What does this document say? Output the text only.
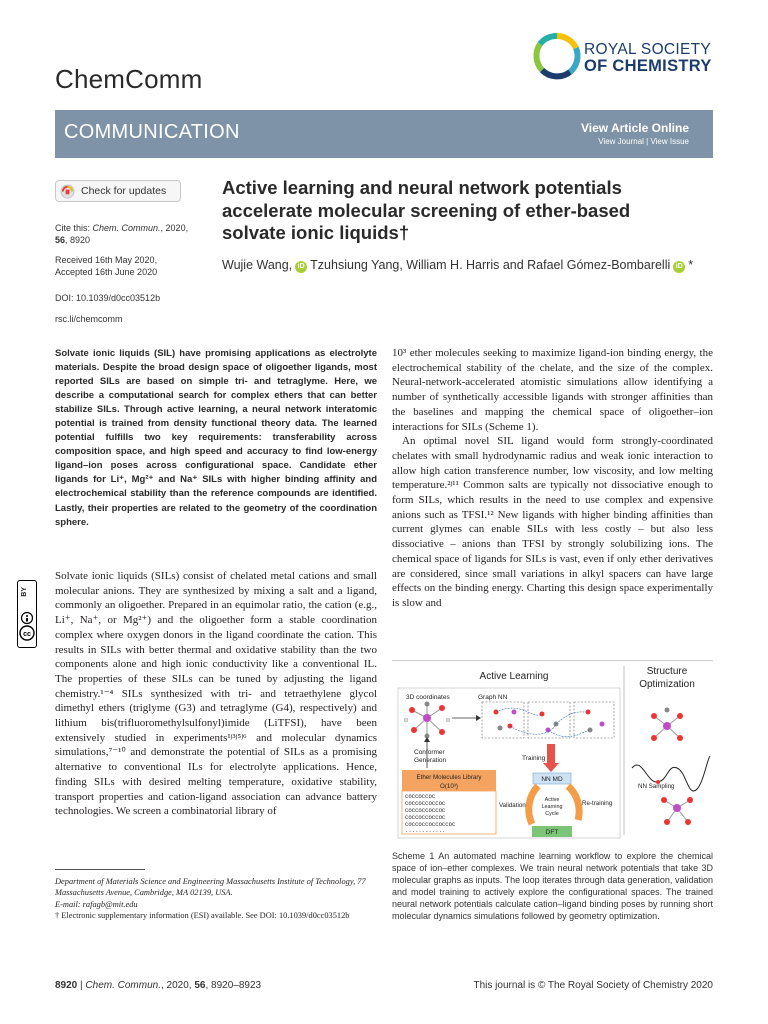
ChemComm
ROYAL SOCIETY
OF CHEMISTRY
COMMUNICATION	View Article Online
View Journal | View Issue
Check for updates
Cite this: Chem. Commun., 2020,
56, 8920
Received 16th May 2020,
Accepted 16th June 2020
DOI: 10.1039/d0cc03512b
rsc.li/chemcomm
Active learning and neural network potentials accelerate molecular screening of ether-based solvate ionic liquids†
Wujie Wang, iD Tzuhsiung Yang, William H. Harris and Rafael Gómez-Bombarelli iD *
Solvate ionic liquids (SIL) have promising applications as electrolyte materials. Despite the broad design space of oligoether ligands, most reported SILs are based on simple tri- and tetraglyme. Here, we describe a computational search for complex ethers that can better stabilize SILs. Through active learning, a neural network interatomic potential is trained from density functional theory data. The learned potential fulfills two key requirements: transferability across composition space, and high speed and accuracy to find low-energy ligand–ion poses across configurational space. Candidate ether ligands for Li⁺, Mg²⁺ and Na⁺ SILs with higher binding affinity and electrochemical stability than the reference compounds are identified. Lastly, their properties are related to the geometry of the coordination sphere.
cc
BY

Solvate ionic liquids (SILs) consist of chelated metal cations and small molecular anions. They are synthesized by mixing a salt and a ligand, commonly an oligoether. Prepared in an equimolar ratio, the cation (e.g., Li⁺, Na⁺, or Mg²⁺) and the oligoether form a stable coordination complex where oxygen donors in the ligand coordinate the cation. This results in SILs with better thermal and oxidative stability than the two components alone and high ionic conductivity like a conventional IL. The properties of these SILs can be tuned by adjusting the ligand chemistry.¹⁻⁴ SILs synthesized with tri- and tetraethylene glycol dimethyl ethers (triglyme (G3) and tetraglyme (G4), respectively) and lithium bis(trifluoromethylsulfonyl)imide (LiTFSI), have been extensively studied in experiments¹ʲ³ʲ⁵ʲ⁶ and molecular dynamics simulations,⁷⁻¹⁰ and demonstrate the potential of SILs as a promising alternative to conventional ILs for electrolyte applications. Hence, finding SILs with desired melting temperature, oxidative stability, transport properties and cation-ligand association can advance battery technologies. We screen a combinatorial library of

10³ ether molecules seeking to maximize ligand-ion binding energy, the electrochemical stability of the chelate, and the size of the complex. Neural-network-accelerated atomistic simulations allow identifying a number of synthetically accessible ligands with stronger affinities than the baselines and mapping the chemical space of oligoether–ion interactions for SILs (Scheme 1).

An optimal novel SIL ligand would form strongly-coordinated chelates with small hydrodynamic radius and weak ionic interaction to allow high cation transference number, low viscosity, and low melting temperature.²ʲ¹¹ Common salts are typically not dissociative enough to form SILs, which results in the need to use complex and expensive anions such as TFSI.¹² New ligands with higher binding affinities than current glymes can enable SILs with less costly – but also less dissociative – anions than TFSI by strongly solubilizing ions. The chemical space of ligands for SILs is vast, even if only ether derivatives are considered, since small variations in alkyl spacers can have large effects on the binding energy. Charting this design space experimentally is slow and

Department of Materials Science and Engineering Massachusetts Institute of Technology, 77 Massachusetts Avenue, Cambridge, MA 02139, USA.
E-mail: rafagb@mit.edu
† Electronic supplementary information (ESI) available. See DOI: 10.1039/d0cc03512b
Active Learning	Structure
Optimization
3D coordinates	Graph NN
Conformer
Generation
Ether Molecules Library
O(10³)
COCCOCCOC
COCCOCCOCCOC
COCCOCCOCCOC
COCCOCCOCCOC
COCCOCCOCCOCCOC
............
Training
NN MD
Validation
Active
Learning
Cycle
Re-training
DFT
NN Sampling
Scheme 1 An automated machine learning workflow to explore the chemical space of ion–ether complexes. We train neural network potentials that take 3D molecular graphs as inputs. The loop iterates through data generation, validation and model training to actively explore the configurational spaces. The trained neural network potentials calculate cation–ligand binding poses by running short molecular dynamics simulations followed by geometry optimization.
8920 | Chem. Commun., 2020, 56, 8920–8923	This journal is © The Royal Society of Chemistry 2020
